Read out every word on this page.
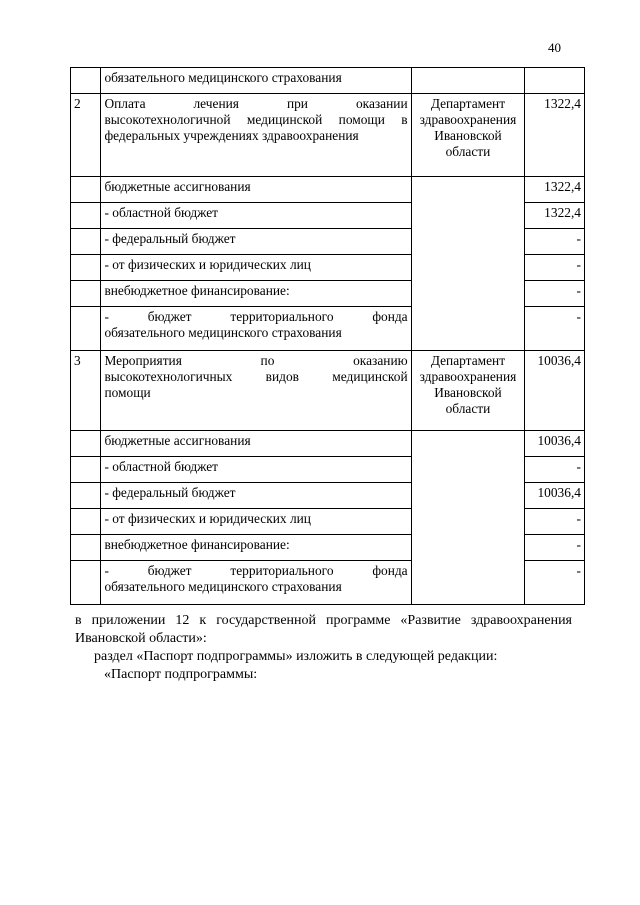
40

	обязательного медицинского страхования		

2	Оплата лечения при оказании
высокотехнологичной медицинской помощи в
федеральных учреждениях здравоохранения	Департамент здравоохранения Ивановской области	1322,4

	бюджетные ассигнования		1322,4

	- областной бюджет		1322,4

	- федеральный бюджет		-

	- от физических и юридических лиц		-

	внебюджетное финансирование:		-

	- бюджет территориального фонда
обязательного медицинского страхования		-
3	Мероприятия по оказанию
высокотехнологичных видов медицинской
помощи	Департамент здравоохранения Ивановской области	10036,4

	бюджетные ассигнования		10036,4

	- областной бюджет		-

	- федеральный бюджет		10036,4

	- от физических и юридических лиц		-

	внебюджетное финансирование:		-

	- бюджет территориального фонда
обязательного медицинского страхования		-
в приложении 12 к государственной программе «Развитие здравоохранения
Ивановской области»:
раздел «Паспорт подпрограммы» изложить в следующей редакции:
«Паспорт подпрограммы:
